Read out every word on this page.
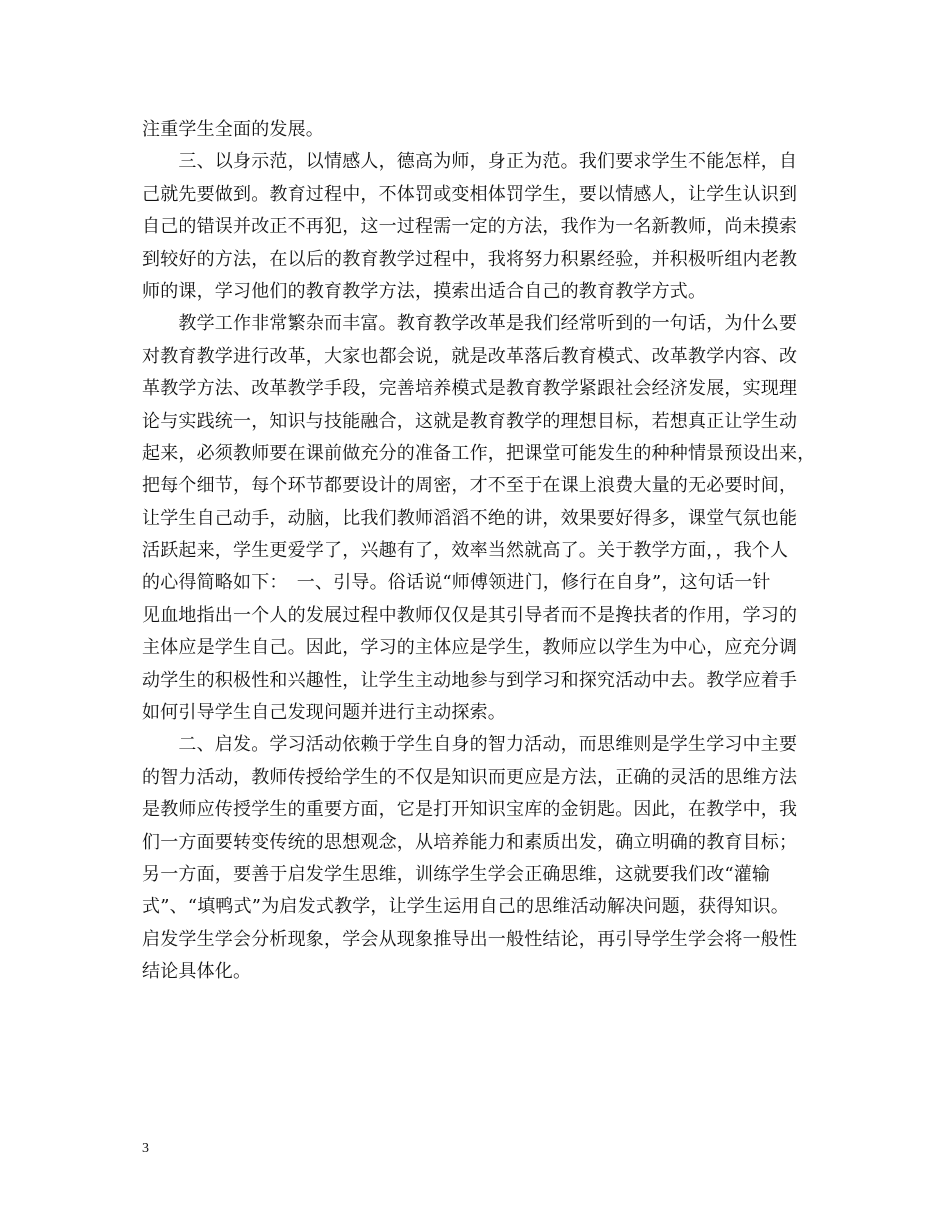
注重学生全面的发展。
　　三、以身示范，以情感人，德高为师，身正为范。我们要求学生不能怎样，自
己就先要做到。教育过程中，不体罚或变相体罚学生，要以情感人，让学生认识到
自己的错误并改正不再犯，这一过程需一定的方法，我作为一名新教师，尚未摸索
到较好的方法，在以后的教育教学过程中，我将努力积累经验，并积极听组内老教
师的课，学习他们的教育教学方法，摸索出适合自己的教育教学方式。
　　教学工作非常繁杂而丰富。教育教学改革是我们经常听到的一句话，为什么要
对教育教学进行改革，大家也都会说，就是改革落后教育模式、改革教学内容、改
革教学方法、改革教学手段，完善培养模式是教育教学紧跟社会经济发展，实现理
论与实践统一，知识与技能融合，这就是教育教学的理想目标，若想真正让学生动
起来，必须教师要在课前做充分的准备工作，把课堂可能发生的种种情景预设出来，
把每个细节，每个环节都要设计的周密，才不至于在课上浪费大量的无必要时间，
让学生自己动手，动脑，比我们教师滔滔不绝的讲，效果要好得多，课堂气氛也能
活跃起来，学生更爱学了，兴趣有了，效率当然就高了。关于教学方面，，我个人
的心得简略如下：　一、引导。俗话说“师傅领进门，修行在自身”，这句话一针
见血地指出一个人的发展过程中教师仅仅是其引导者而不是搀扶者的作用，学习的
主体应是学生自己。因此，学习的主体应是学生，教师应以学生为中心，应充分调
动学生的积极性和兴趣性，让学生主动地参与到学习和探究活动中去。教学应着手
如何引导学生自己发现问题并进行主动探索。
　　二、启发。学习活动依赖于学生自身的智力活动，而思维则是学生学习中主要
的智力活动，教师传授给学生的不仅是知识而更应是方法，正确的灵活的思维方法
是教师应传授学生的重要方面，它是打开知识宝库的金钥匙。因此，在教学中，我
们一方面要转变传统的思想观念，从培养能力和素质出发，确立明确的教育目标；
另一方面，要善于启发学生思维，训练学生学会正确思维，这就要我们改“灌输
式”、“填鸭式”为启发式教学，让学生运用自己的思维活动解决问题，获得知识。
启发学生学会分析现象，学会从现象推导出一般性结论，再引导学生学会将一般性
结论具体化。
3
